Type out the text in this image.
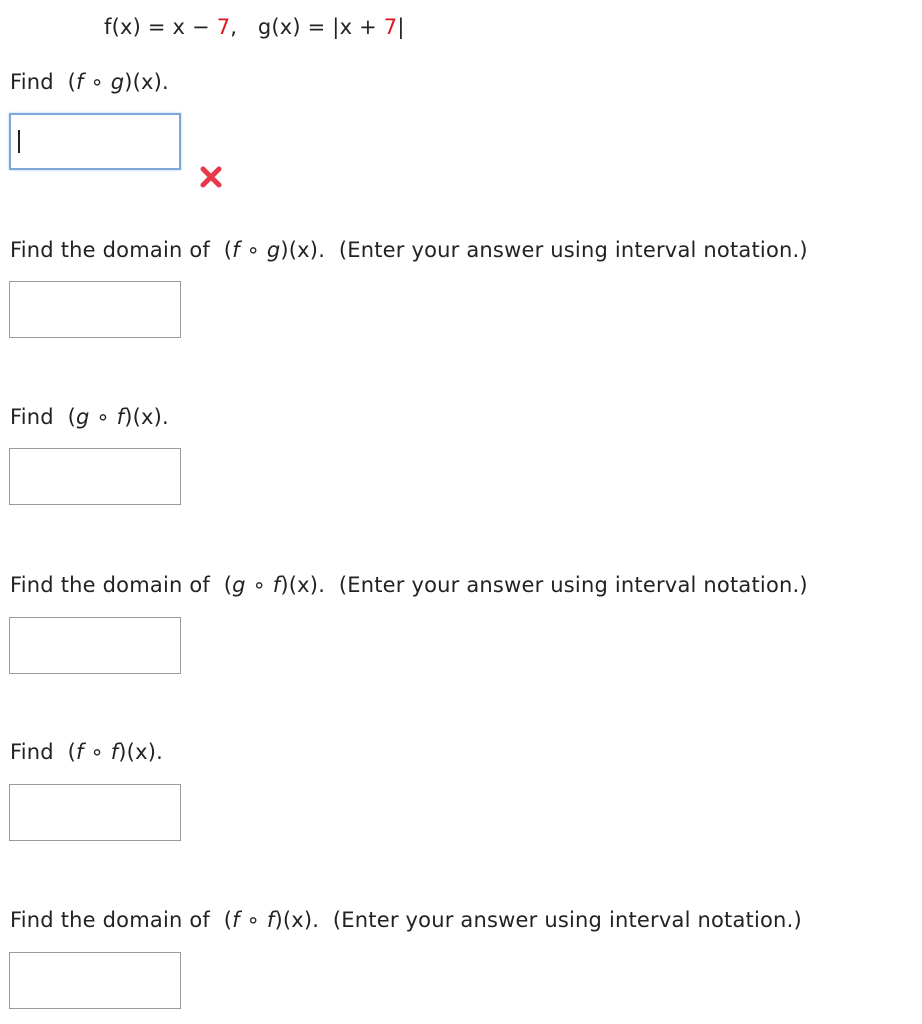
f(x) = x − 7,   g(x) = |x + 7|
Find  (f ∘ g)(x).
Find the domain of  (f ∘ g)(x).  (Enter your answer using interval notation.)
Find  (g ∘ f)(x).
Find the domain of  (g ∘ f)(x).  (Enter your answer using interval notation.)
Find  (f ∘ f)(x).
Find the domain of  (f ∘ f)(x).  (Enter your answer using interval notation.)
